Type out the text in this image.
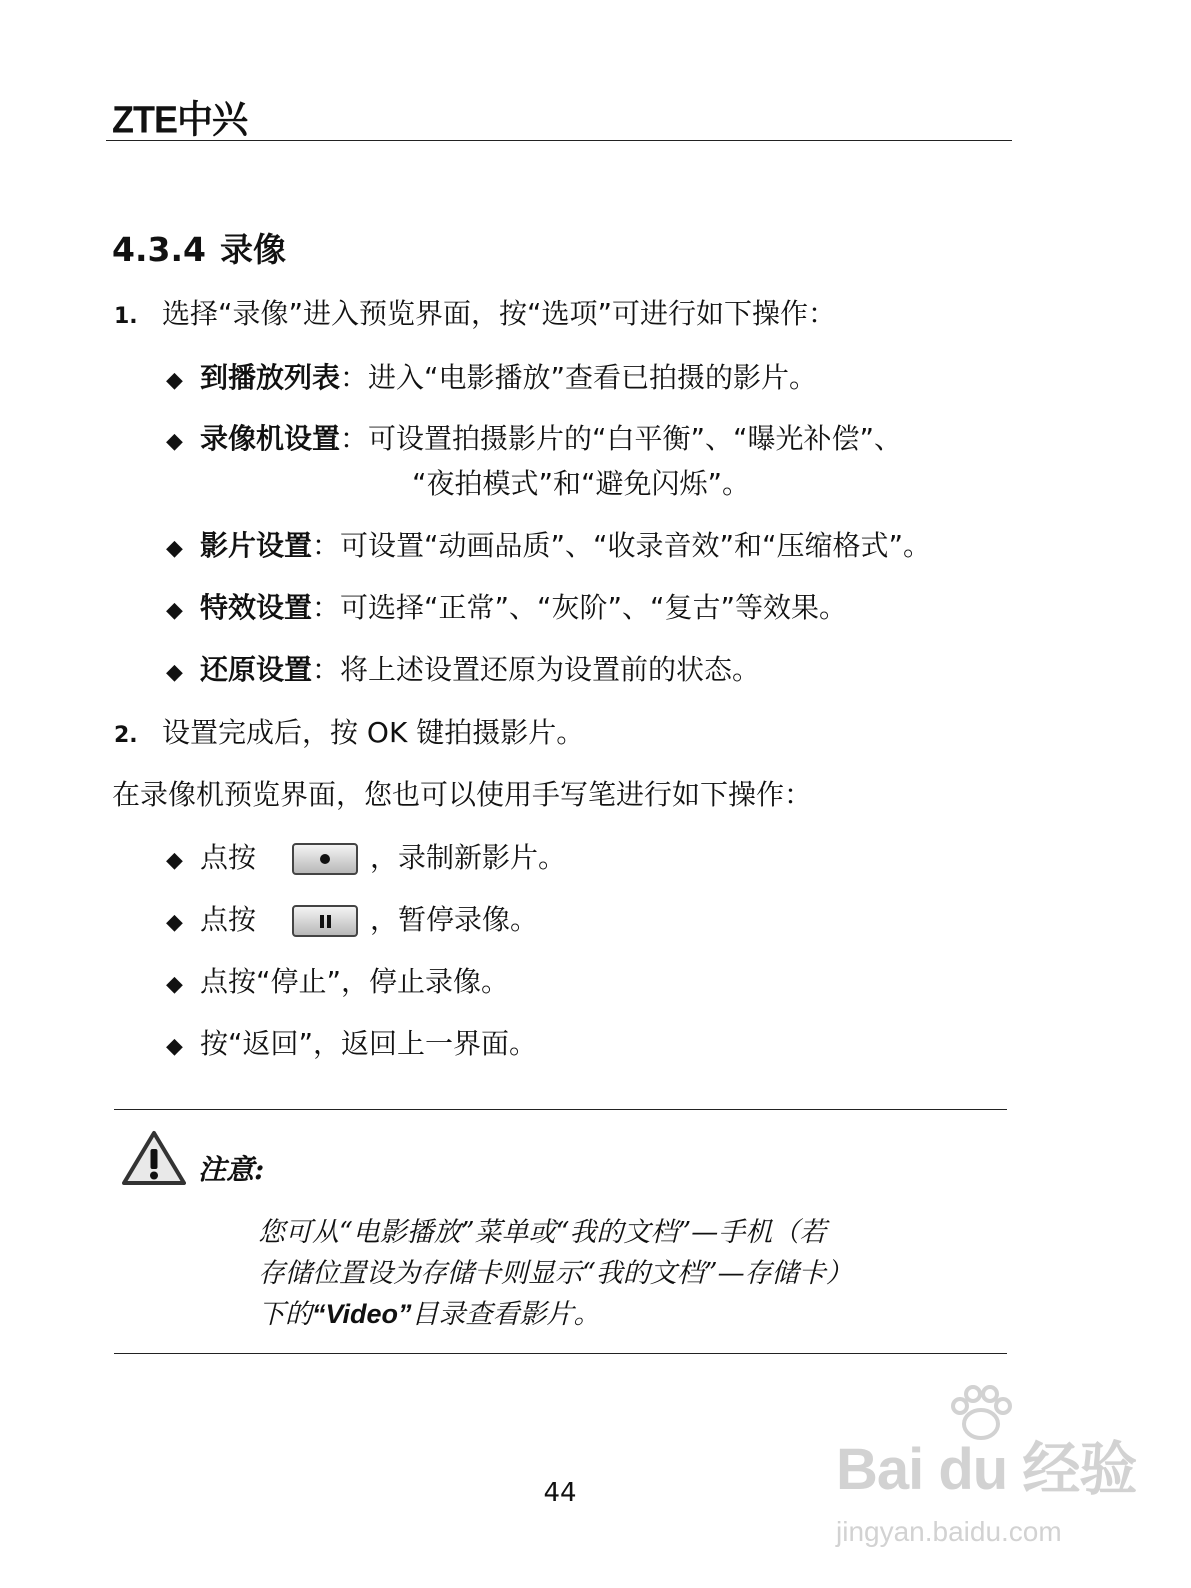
ZTE中兴
4.3.4 录像
1. 选择“录像”进入预览界面，按“选项”可进行如下操作：
◆ 到播放列表：进入“电影播放”查看已拍摄的影片。
◆ 录像机设置：可设置拍摄影片的“白平衡”、“曝光补偿”、
“夜拍模式”和“避免闪烁”。
◆ 影片设置：可设置“动画品质”、“收录音效”和“压缩格式”。
◆ 特效设置：可选择“正常”、“灰阶”、“复古”等效果。
◆ 还原设置：将上述设置还原为设置前的状态。
2. 设置完成后，按 OK 键拍摄影片。
在录像机预览界面，您也可以使用手写笔进行如下操作：
◆ 点按	，录制新影片。
◆ 点按	，暂停录像。
◆ 点按“停止”，停止录像。
◆ 按“返回”，返回上一界面。
注意:
您可从“电影播放”菜单或“我的文档”—手机（若
存储位置设为存储卡则显示“我的文档”—存储卡）
下的“Video”目录查看影片。
Bai du 经验
jingyan.baidu.com
44
